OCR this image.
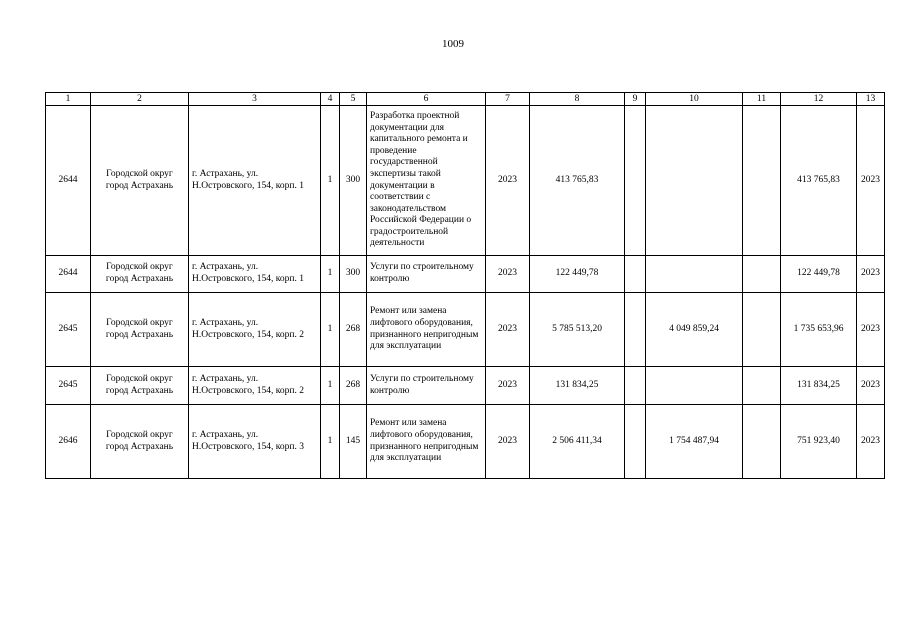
1009
1	2	3	4	5	6	7	8	9	10	11	12	13
2644	Городской округ город Астрахань	г. Астрахань, ул. Н.Островского, 154, корп. 1	1	300	Разработка проектной документации для капитального ремонта и проведение государственной экспертизы такой документации в соответствии с законодательством Российской Федерации о градостроительной деятельности	2023	413 765,83				413 765,83	2023
2644	Городской округ город Астрахань	г. Астрахань, ул. Н.Островского, 154, корп. 1	1	300	Услуги по строительному контролю	2023	122 449,78				122 449,78	2023
2645	Городской округ город Астрахань	г. Астрахань, ул. Н.Островского, 154, корп. 2	1	268	Ремонт или замена лифтового оборудования, признанного непригодным для эксплуатации	2023	5 785 513,20		4 049 859,24		1 735 653,96	2023
2645	Городской округ город Астрахань	г. Астрахань, ул. Н.Островского, 154, корп. 2	1	268	Услуги по строительному контролю	2023	131 834,25				131 834,25	2023
2646	Городской округ город Астрахань	г. Астрахань, ул. Н.Островского, 154, корп. 3	1	145	Ремонт или замена лифтового оборудования, признанного непригодным для эксплуатации	2023	2 506 411,34		1 754 487,94		751 923,40	2023
